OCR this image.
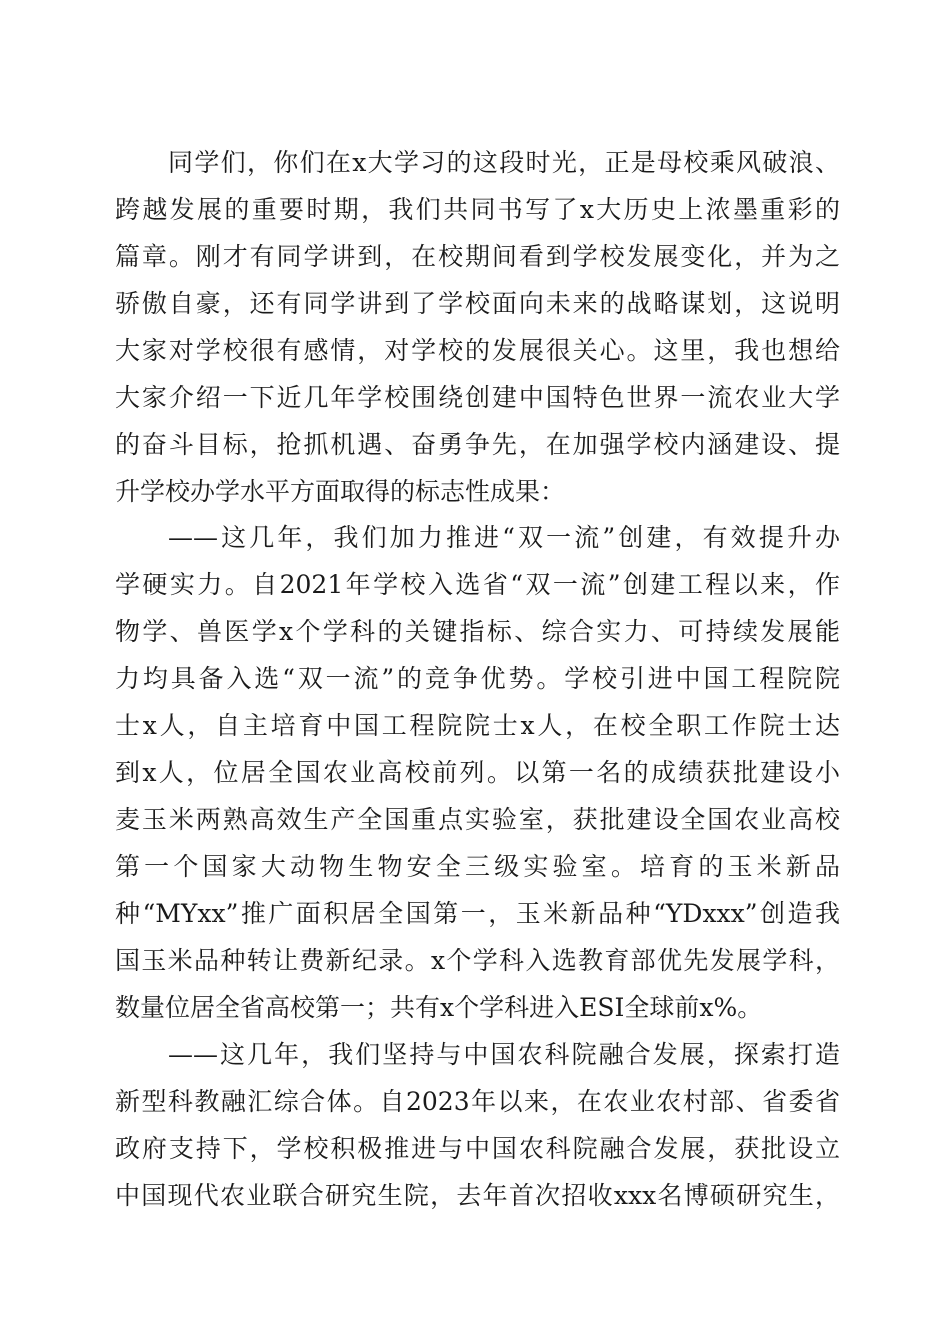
同学们，你们在x大学习的这段时光，正是母校乘风破浪、
跨越发展的重要时期，我们共同书写了x大历史上浓墨重彩的
篇章。刚才有同学讲到，在校期间看到学校发展变化，并为之
骄傲自豪，还有同学讲到了学校面向未来的战略谋划，这说明
大家对学校很有感情，对学校的发展很关心。这里，我也想给
大家介绍一下近几年学校围绕创建中国特色世界一流农业大学
的奋斗目标，抢抓机遇、奋勇争先，在加强学校内涵建设、提
升学校办学水平方面取得的标志性成果：
——这几年，我们加力推进“双一流”创建，有效提升办
学硬实力。自2021年学校入选省“双一流”创建工程以来，作
物学、兽医学x个学科的关键指标、综合实力、可持续发展能
力均具备入选“双一流”的竞争优势。学校引进中国工程院院
士x人，自主培育中国工程院院士x人，在校全职工作院士达
到x人，位居全国农业高校前列。以第一名的成绩获批建设小
麦玉米两熟高效生产全国重点实验室，获批建设全国农业高校
第一个国家大动物生物安全三级实验室。培育的玉米新品
种“MYxx”推广面积居全国第一，玉米新品种“YDxxx”创造我
国玉米品种转让费新纪录。x个学科入选教育部优先发展学科，
数量位居全省高校第一；共有x个学科进入ESI全球前x%。
——这几年，我们坚持与中国农科院融合发展，探索打造
新型科教融汇综合体。自2023年以来，在农业农村部、省委省
政府支持下，学校积极推进与中国农科院融合发展，获批设立
中国现代农业联合研究生院，去年首次招收xxx名博硕研究生，
